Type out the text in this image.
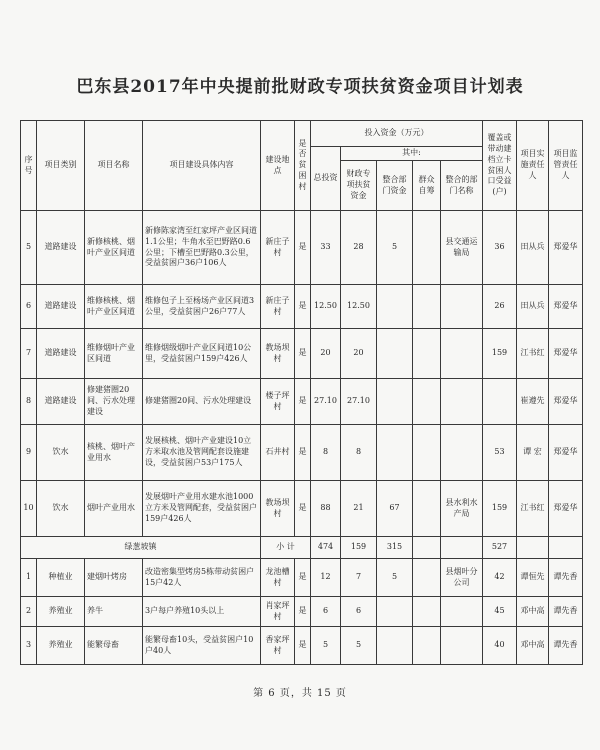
巴东县2017年中央提前批财政专项扶贫资金项目计划表
序号	项目类别	项目名称	项目建设具体内容	建设地点	是否贫困村	投入资金（万元）					覆盖或带动建档立卡贫困人口受益(户)	项目实施责任人	项目监管责任人
						总投资	其中:						
							财政专项扶贫资金	整合部门资金	群众自筹	整合的部门名称			
5	道路建设	新修核桃、烟叶产业区间道	新修陈家湾至红家坪产业区间道1.1公里；牛角水至巴野路0.6公里；下槽至巴野路0.3公里，受益贫困户36户106人	新庄子村	是	33	28	5		县交通运输局	36	田从兵	郑爱华
6	道路建设	维修核桃、烟叶产业区间道	维修包子上至杨场产业区间道3公里，受益贫困户26户77人	新庄子村	是	12.50	12.50				26	田从兵	郑爱华
7	道路建设	维修烟叶产业区间道	维修烟级烟叶产业区间道10公里，受益贫困户159户426人	教场坝村	是	20	20				159	江书红	郑爱华
8	道路建设	修建猪圈20间、污水处理建设	修建猪圈20间、污水处理建设	楼子坪村	是	27.10	27.10					崔遵先	郑爱华
9	饮水	核桃、烟叶产业用水	发展核桃、烟叶产业建设10立方米取水池及管网配套设施建设，受益贫困户53户175人	石井村	是	8	8				53	谭 宏	郑爱华
10	饮水	烟叶产业用水	发展烟叶产业用水建水池1000立方米及管网配套，受益贫困户159户426人	教场坝村	是	88	21	67		县水利水产局	159	江书红	郑爱华
绿葱坡镇				小 计		474	159	315			527		
1	种植业	建烟叶烤房	改造密集型烤房5栋带动贫困户15户42人	龙池槽村	是	12	7	5		县烟叶分公司	42	谭恒先	谭先香
2	养殖业	养牛	3户每户养殖10头以上	肖家坪村	是	6	6				45	邓中高	谭先香
3	养殖业	能繁母畜	能繁母畜10头，受益贫困户10户40人	香家坪村	是	5	5				40	邓中高	谭先香
第 6 页，共 15 页
